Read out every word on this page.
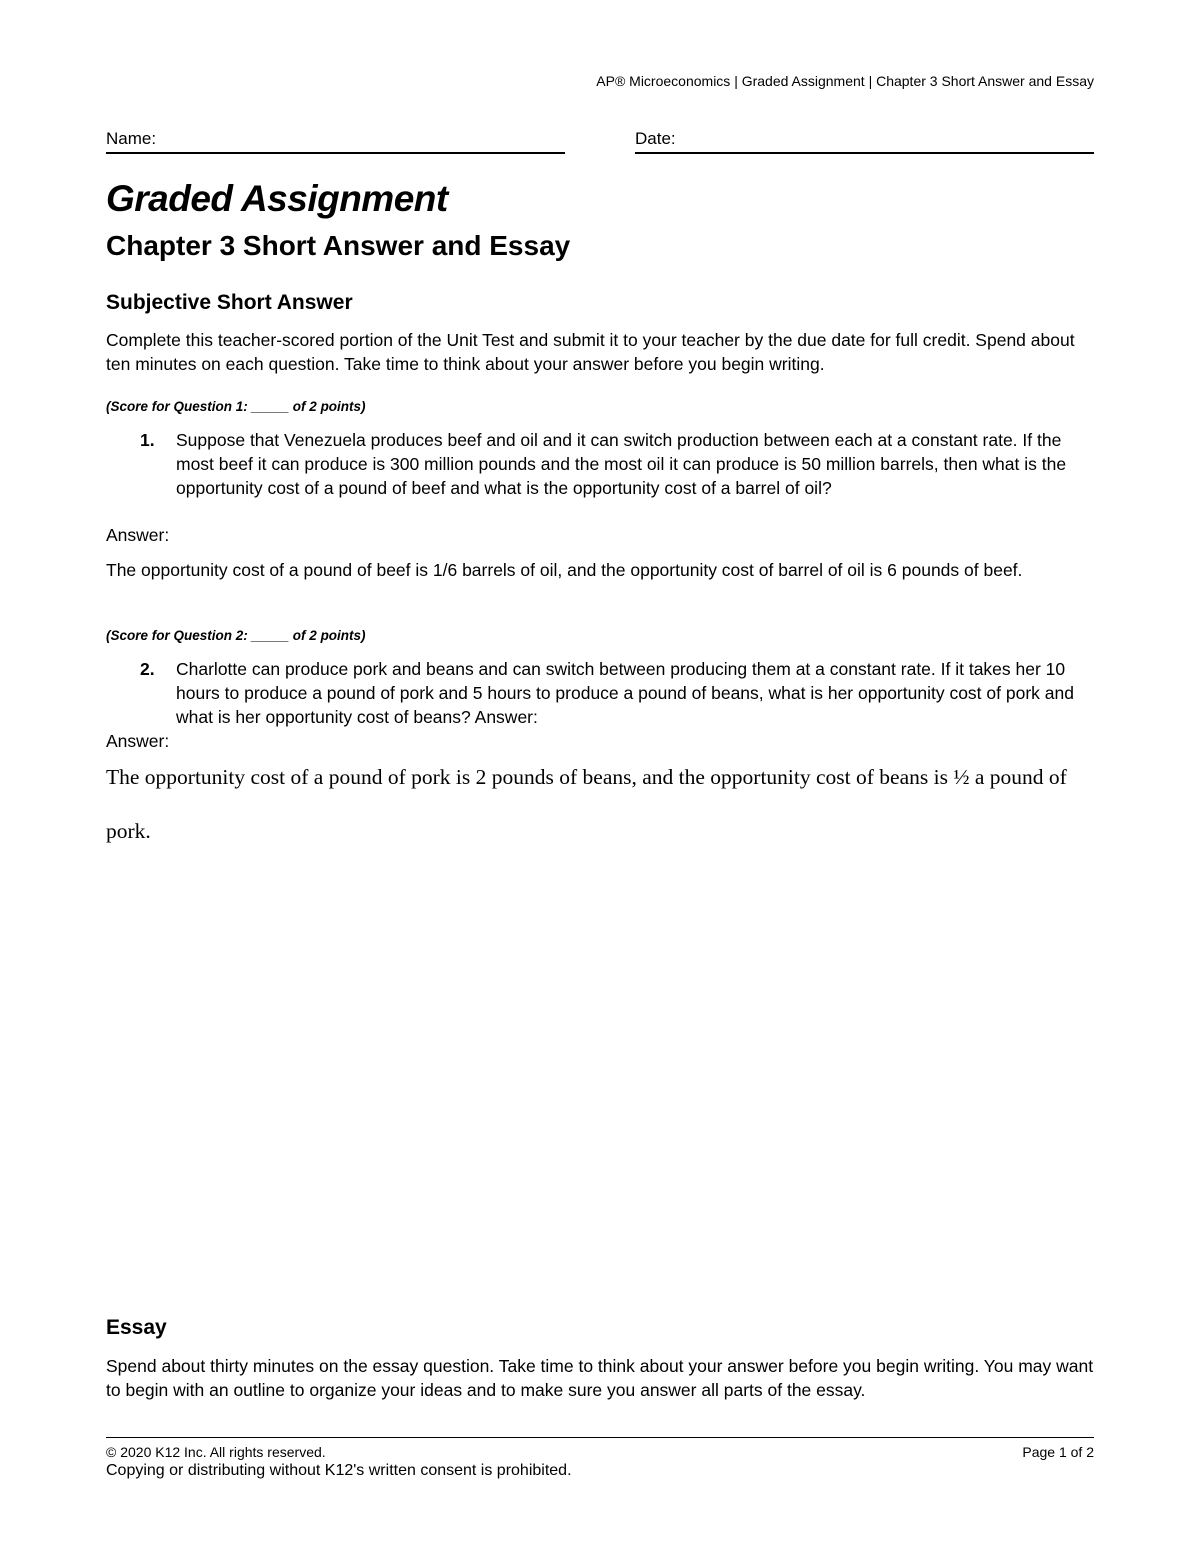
AP® Microeconomics | Graded Assignment | Chapter 3 Short Answer and Essay
Name:	Date:
Graded Assignment
Chapter 3 Short Answer and Essay
Subjective Short Answer
Complete this teacher-scored portion of the Unit Test and submit it to your teacher by the due date for full credit. Spend about ten minutes on each question. Take time to think about your answer before you begin writing.
(Score for Question 1: _____ of 2 points)
1. Suppose that Venezuela produces beef and oil and it can switch production between each at a constant rate. If the most beef it can produce is 300 million pounds and the most oil it can produce is 50 million barrels, then what is the opportunity cost of a pound of beef and what is the opportunity cost of a barrel of oil?
Answer:
The opportunity cost of a pound of beef is 1/6 barrels of oil, and the opportunity cost of barrel of oil is 6 pounds of beef.
(Score for Question 2: _____ of 2 points)
2. Charlotte can produce pork and beans and can switch between producing them at a constant rate. If it takes her 10 hours to produce a pound of pork and 5 hours to produce a pound of beans, what is her opportunity cost of pork and what is her opportunity cost of beans? Answer:
Answer:
The opportunity cost of a pound of pork is 2 pounds of beans, and the opportunity cost of beans is ½ a pound of pork.
Essay
Spend about thirty minutes on the essay question. Take time to think about your answer before you begin writing. You may want to begin with an outline to organize your ideas and to make sure you answer all parts of the essay.
© 2020 K12 Inc. All rights reserved.	Page 1 of 2
Copying or distributing without K12's written consent is prohibited.
